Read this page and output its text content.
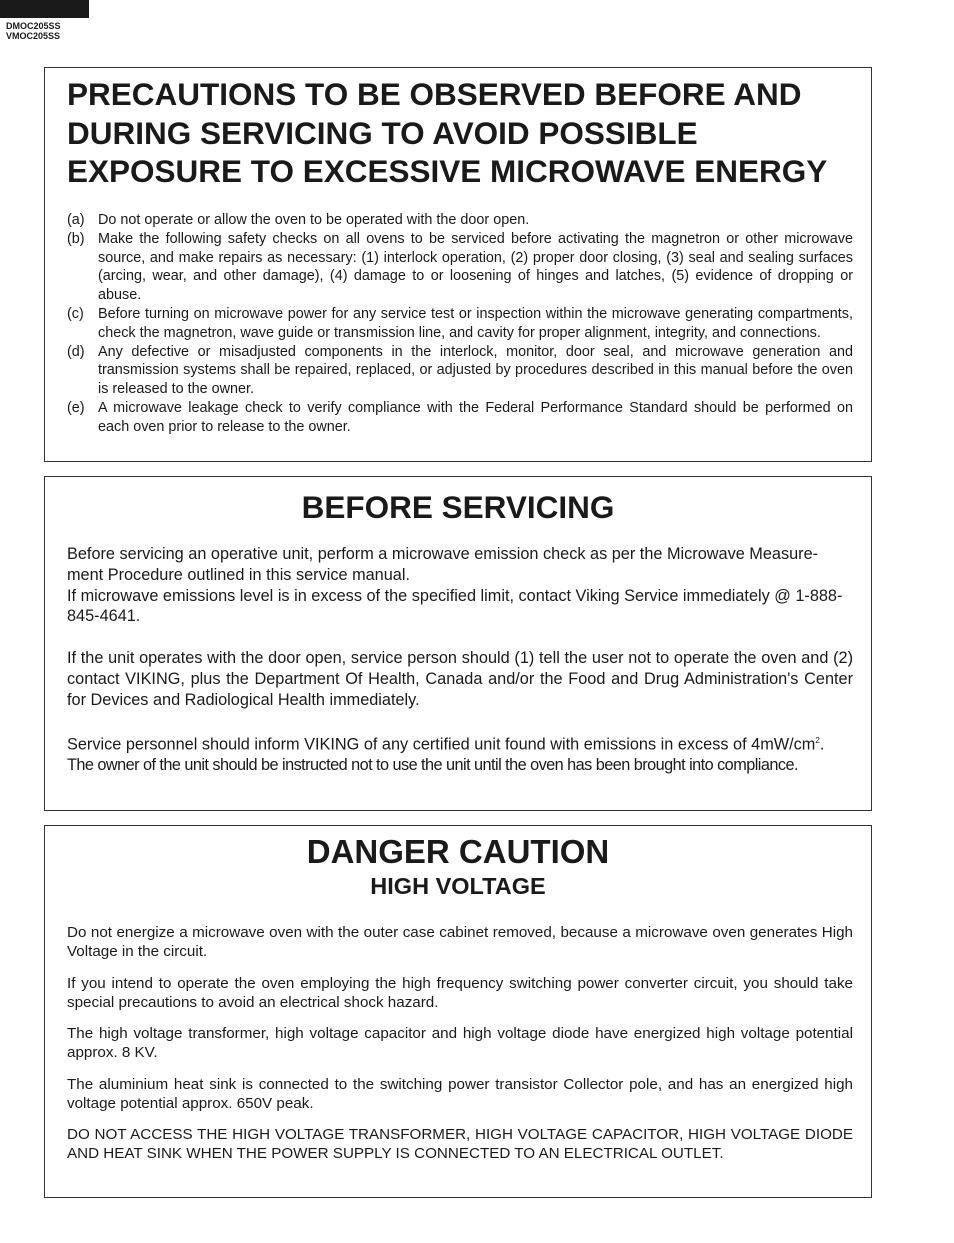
DMOC205SS
VMOC205SS
PRECAUTIONS TO BE OBSERVED BEFORE AND DURING SERVICING TO AVOID POSSIBLE EXPOSURE TO EXCESSIVE MICROWAVE ENERGY
(a) Do not operate or allow the oven to be operated with the door open.
(b) Make the following safety checks on all ovens to be serviced before activating the magnetron or other microwave source, and make repairs as necessary: (1) interlock operation, (2) proper door closing, (3) seal and sealing surfaces (arcing, wear, and other damage), (4) damage to or loosening of hinges and latches, (5) evidence of dropping or abuse.
(c) Before turning on microwave power for any service test or inspection within the microwave generating compartments, check the magnetron, wave guide or transmission line, and cavity for proper alignment, integrity, and connections.
(d) Any defective or misadjusted components in the interlock, monitor, door seal, and microwave generation and transmission systems shall be repaired, replaced, or adjusted by procedures described in this manual before the oven is released to the owner.
(e) A microwave leakage check to verify compliance with the Federal Performance Standard should be performed on each oven prior to release to the owner.
BEFORE SERVICING

Before servicing an operative unit, perform a microwave emission check as per the Microwave Measure-ment Procedure outlined in this service manual.

If microwave emissions level is in excess of the specified limit, contact Viking Service immediately @ 1-888-845-4641.

If the unit operates with the door open, service person should (1) tell the user not to operate the oven and (2) contact VIKING, plus the Department Of Health, Canada and/or the Food and Drug Administration's Center for Devices and Radiological Health immediately.

Service personnel should inform VIKING of any certified unit found with emissions in excess of $4mW/cm^2$.

The owner of the unit should be instructed not to use the unit until the oven has been brought into compliance.

DANGER CAUTION
HIGH VOLTAGE

Do not energize a microwave oven with the outer case cabinet removed, because a microwave oven generates High Voltage in the circuit.

If you intend to operate the oven employing the high frequency switching power converter circuit, you should take special precautions to avoid an electrical shock hazard.

The high voltage transformer, high voltage capacitor and high voltage diode have energized high voltage potential approx. 8 KV.

The aluminium heat sink is connected to the switching power transistor Collector pole, and has an energized high voltage potential approx. 650V peak.

DO NOT ACCESS THE HIGH VOLTAGE TRANSFORMER, HIGH VOLTAGE CAPACITOR, HIGH VOLTAGE DIODE AND HEAT SINK WHEN THE POWER SUPPLY IS CONNECTED TO AN ELECTRICAL OUTLET.
